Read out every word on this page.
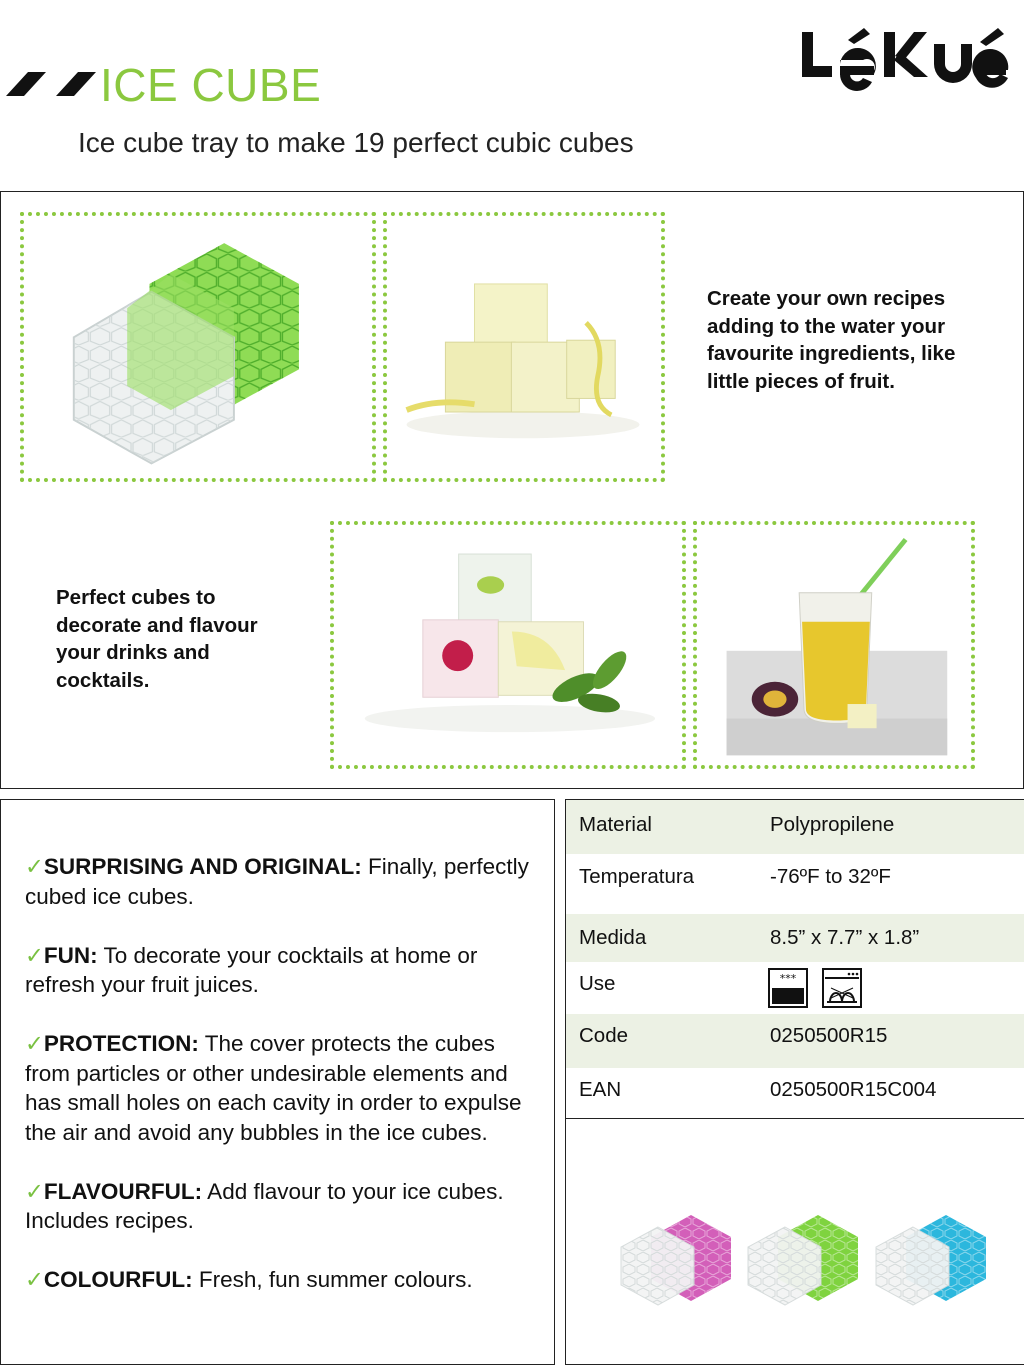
ICE CUBE
Ice cube tray to make 19 perfect cubic cubes
Create your own recipes adding to the water your favourite ingredients, like little pieces of fruit.
Perfect cubes to decorate and flavour your drinks and cocktails.

✓SURPRISING AND ORIGINAL: Finally, perfectly cubed ice cubes.

✓FUN: To decorate your cocktails at home or refresh your fruit juices.

✓PROTECTION: The cover protects the cubes from particles or other undesirable elements and has small holes on each cavity in order to expulse the air and avoid any bubbles in the ice cubes.

✓FLAVOURFUL: Add flavour to your ice cubes. Includes recipes.

✓COLOURFUL: Fresh, fun summer colours.

Material	Polypropilene
Temperatura	-76ºF to 32ºF
Medida	8.5” x 7.7” x 1.8”
Use	***
Code	0250500R15
EAN	0250500R15C004
